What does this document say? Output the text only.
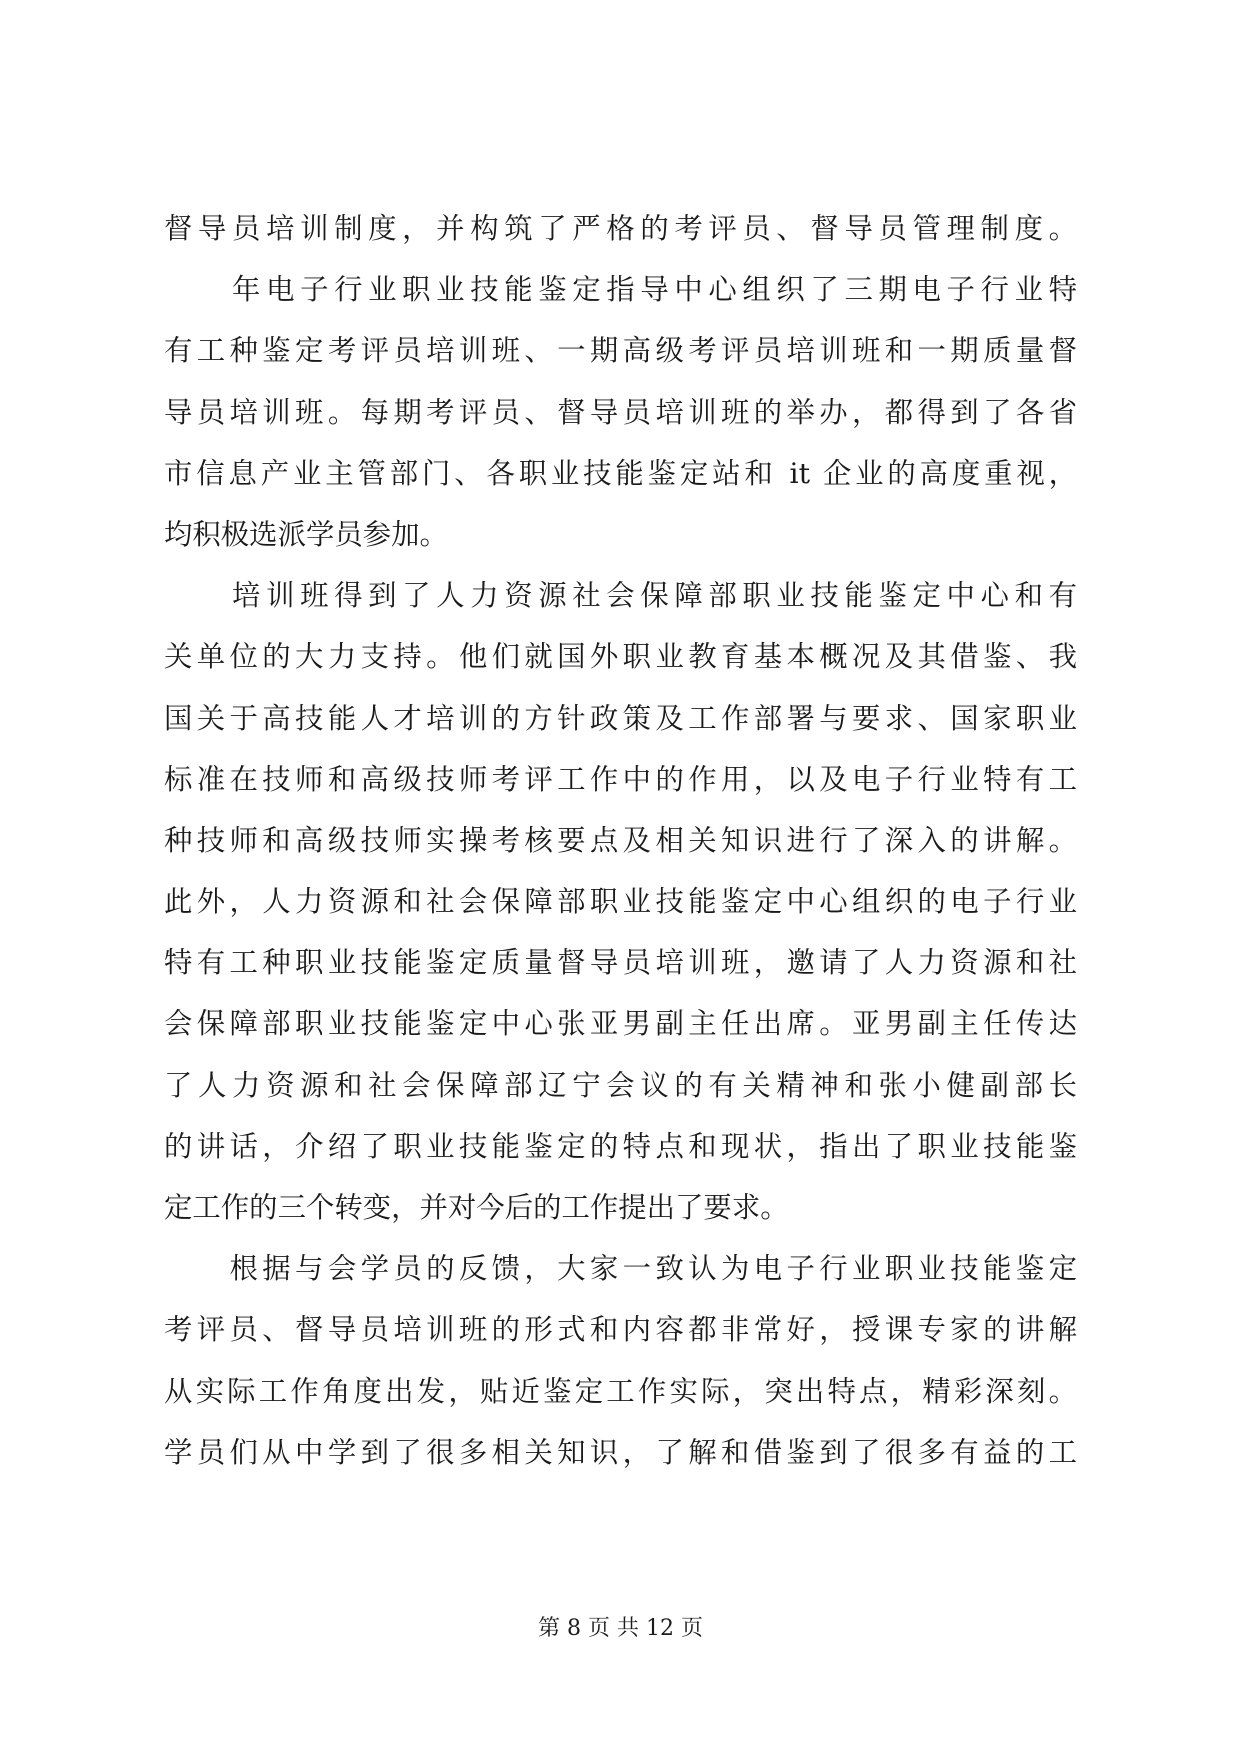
督导员培训制度，并构筑了严格的考评员、督导员管理制度。
　　年电子行业职业技能鉴定指导中心组织了三期电子行业特
有工种鉴定考评员培训班、一期高级考评员培训班和一期质量督
导员培训班。每期考评员、督导员培训班的举办，都得到了各省
市信息产业主管部门、各职业技能鉴定站和 it 企业的高度重视，
均积极选派学员参加。
　　培训班得到了人力资源社会保障部职业技能鉴定中心和有
关单位的大力支持。他们就国外职业教育基本概况及其借鉴、我
国关于高技能人才培训的方针政策及工作部署与要求、国家职业
标准在技师和高级技师考评工作中的作用，以及电子行业特有工
种技师和高级技师实操考核要点及相关知识进行了深入的讲解。
此外，人力资源和社会保障部职业技能鉴定中心组织的电子行业
特有工种职业技能鉴定质量督导员培训班，邀请了人力资源和社
会保障部职业技能鉴定中心张亚男副主任出席。亚男副主任传达
了人力资源和社会保障部辽宁会议的有关精神和张小健副部长
的讲话，介绍了职业技能鉴定的特点和现状，指出了职业技能鉴
定工作的三个转变，并对今后的工作提出了要求。
　　根据与会学员的反馈，大家一致认为电子行业职业技能鉴定
考评员、督导员培训班的形式和内容都非常好，授课专家的讲解
从实际工作角度出发，贴近鉴定工作实际，突出特点，精彩深刻。
学员们从中学到了很多相关知识，了解和借鉴到了很多有益的工
第 8 页 共 12 页
